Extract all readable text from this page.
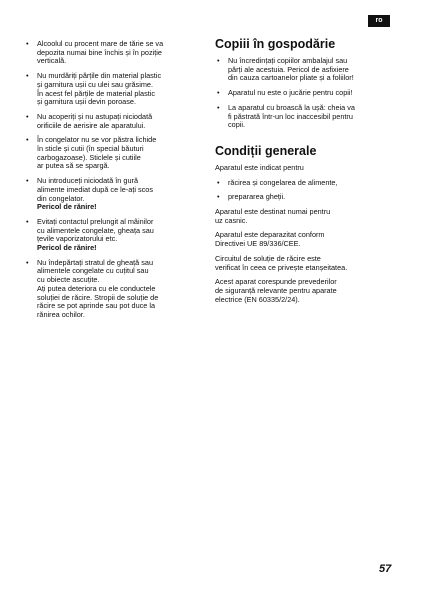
ro
• Alcoolul cu procent mare de tărie se va
depozita numai bine închis și în poziție
verticală.
• Nu murdăriți părțile din material plastic
și garnitura ușii cu ulei sau grăsime.
În acest fel părțile de material plastic
și garnitura ușii devin poroase.
• Nu acoperiți și nu astupați niciodată
orificiile de aerisire ale aparatului.
• În congelator nu se vor păstra lichide
în sticle și cutii (în special băuturi
carbogazoase). Sticlele și cutiile
ar putea să se spargă.
• Nu introduceți niciodată în gură
alimente imediat după ce le-ați scos
din congelator.
Pericol de rănire!
• Evitați contactul prelungit al mâinilor
cu alimentele congelate, gheața sau
țevile vaporizatorului etc.
Pericol de rănire!
• Nu îndepărtați stratul de gheață sau
alimentele congelate cu cuțitul sau
cu obiecte ascuțite.
Ați putea deteriora cu ele conductele
soluției de răcire. Stropii de soluție de
răcire se pot aprinde sau pot duce la
rănirea ochilor.
Copiii în gospodărie
• Nu încredințați copiilor ambalajul sau
părți ale acestuia. Pericol de asfixiere
din cauza cartoanelor pliate și a foliilor!
• Aparatul nu este o jucărie pentru copii!
• La aparatul cu broască la ușă: cheia va
fi păstrată într-un loc inaccesibil pentru
copii.
Condiții generale

Aparatul este indicat pentru

• răcirea și congelarea de alimente,
• prepararea gheții.

Aparatul este destinat numai pentru
uz casnic.

Aparatul este deparazitat conform
Directivei UE 89/336/CEE.

Circuitul de soluție de răcire este
verificat în ceea ce privește etanșeitatea.

Acest aparat corespunde prevederilor
de siguranță relevante pentru aparate
electrice (EN 60335/2/24).

57
